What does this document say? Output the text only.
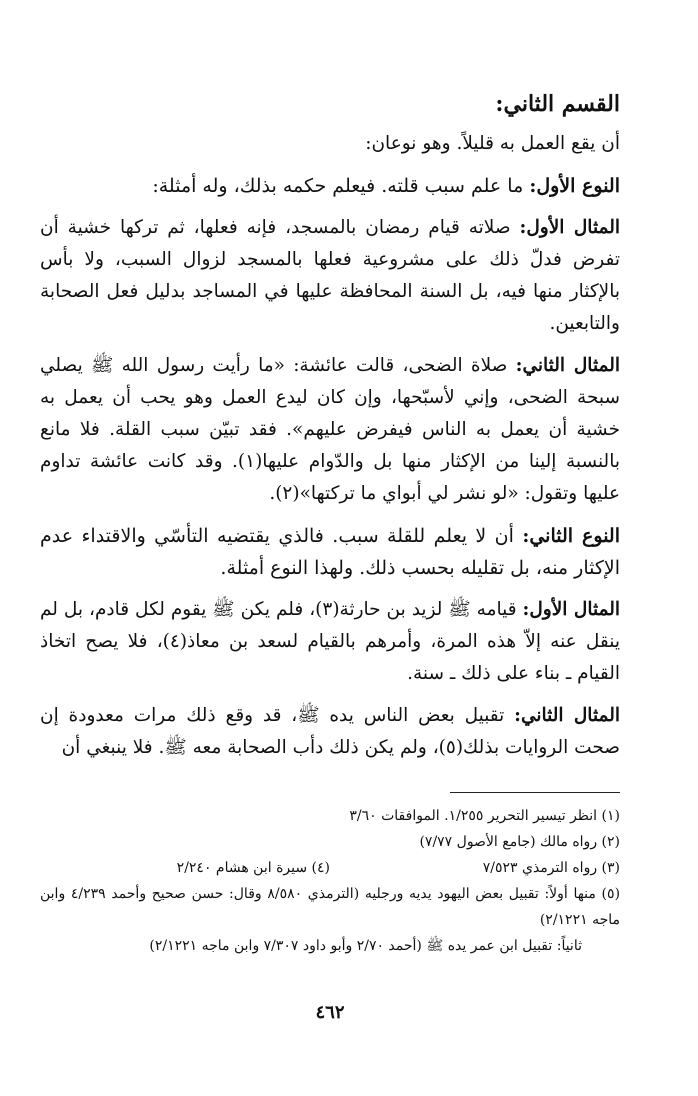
القسم الثاني:

أن يقع العمل به قليلاً. وهو نوعان:

النوع الأول: ما علم سبب قلته. فيعلم حكمه بذلك، وله أمثلة:

المثال الأول: صلاته قيام رمضان بالمسجد، فإنه فعلها، ثم تركها خشية أن تفرض فدلّ ذلك على مشروعية فعلها بالمسجد لزوال السبب، ولا بأس بالإكثار منها فيه، بل السنة المحافظة عليها في المساجد بدليل فعل الصحابة والتابعين.

المثال الثاني: صلاة الضحى، قالت عائشة: «ما رأيت رسول الله ﷺ يصلي سبحة الضحى، وإني لأسبّحها، وإن كان ليدع العمل وهو يحب أن يعمل به خشية أن يعمل به الناس فيفرض عليهم». فقد تبيّن سبب القلة. فلا مانع بالنسبة إلينا من الإكثار منها بل والدّوام عليها(١). وقد كانت عائشة تداوم عليها وتقول: «لو نشر لي أبواي ما تركتها»(٢).

النوع الثاني: أن لا يعلم للقلة سبب. فالذي يقتضيه التأسّي والاقتداء عدم الإكثار منه، بل تقليله بحسب ذلك. ولهذا النوع أمثلة.

المثال الأول: قيامه ﷺ لزيد بن حارثة(٣)، فلم يكن ﷺ يقوم لكل قادم، بل لم ينقل عنه إلاّ هذه المرة، وأمرهم بالقيام لسعد بن معاذ(٤)، فلا يصح اتخاذ القيام ـ بناء على ذلك ـ سنة.

المثال الثاني: تقبيل بعض الناس يده ﷺ، قد وقع ذلك مرات معدودة إن صحت الروايات بذلك(٥)، ولم يكن ذلك دأب الصحابة معه ﷺ. فلا ينبغي أن

(١) انظر تيسير التحرير ١/٢٥٥. الموافقات ٣/٦٠

(٢) رواه مالك (جامع الأصول ٧/٧٧)

(٣) رواه الترمذي ٧/٥٢٣
(٤) سيرة ابن هشام ٢/٢٤٠

(٥) منها أولاً: تقبيل بعض اليهود يديه ورجليه (الترمذي ٨/٥٨٠ وقال: حسن صحيح وأحمد ٤/٢٣٩ وابن ماجه ٢/١٢٢١)

ثانياً: تقبيل ابن عمر يده ﷺ (أحمد ٢/٧٠ وأبو داود ٧/٣٠٧ وابن ماجه ٢/١٢٢١)

٤٦٢
